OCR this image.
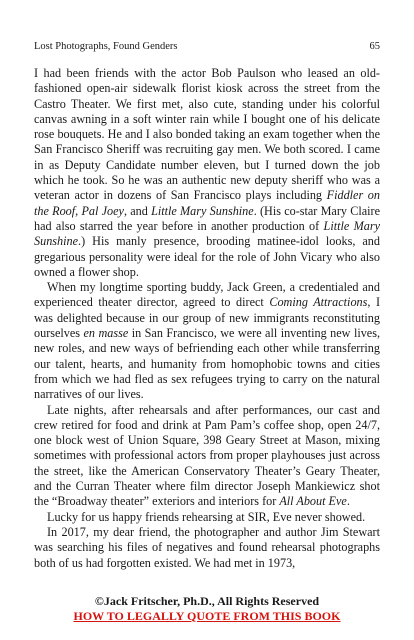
Lost Photographs, Found Genders	65

I had been friends with the actor Bob Paulson who leased an old-fashioned open-air sidewalk florist kiosk across the street from the Castro Theater. We first met, also cute, standing under his colorful canvas awning in a soft winter rain while I bought one of his delicate rose bouquets. He and I also bonded taking an exam together when the San Francisco Sheriff was recruiting gay men. We both scored. I came in as Deputy Candidate number eleven, but I turned down the job which he took. So he was an authentic new deputy sheriff who was a veteran actor in dozens of San Francisco plays including Fiddler on the Roof, Pal Joey, and Little Mary Sunshine. (His co-star Mary Claire had also starred the year before in another production of Little Mary Sunshine.) His manly presence, brooding matinee-idol looks, and gregarious personality were ideal for the role of John Vicary who also owned a flower shop.

When my longtime sporting buddy, Jack Green, a credentialed and experienced theater director, agreed to direct Coming Attractions, I was delighted because in our group of new immigrants reconstituting ourselves en masse in San Francisco, we were all inventing new lives, new roles, and new ways of befriending each other while transferring our talent, hearts, and humanity from homophobic towns and cities from which we had fled as sex refugees trying to carry on the natural narratives of our lives.

Late nights, after rehearsals and after performances, our cast and crew retired for food and drink at Pam Pam’s coffee shop, open 24/7, one block west of Union Square, 398 Geary Street at Mason, mixing sometimes with professional actors from proper playhouses just across the street, like the American Conservatory Theater’s Geary Theater, and the Curran Theater where film director Joseph Mankiewicz shot the “Broadway theater” exteriors and interiors for All About Eve.

Lucky for us happy friends rehearsing at SIR, Eve never showed.

In 2017, my dear friend, the photographer and author Jim Stewart was searching his files of negatives and found rehearsal photographs both of us had forgotten existed. We had met in 1973,

©Jack Fritscher, Ph.D., All Rights Reserved
HOW TO LEGALLY QUOTE FROM THIS BOOK
